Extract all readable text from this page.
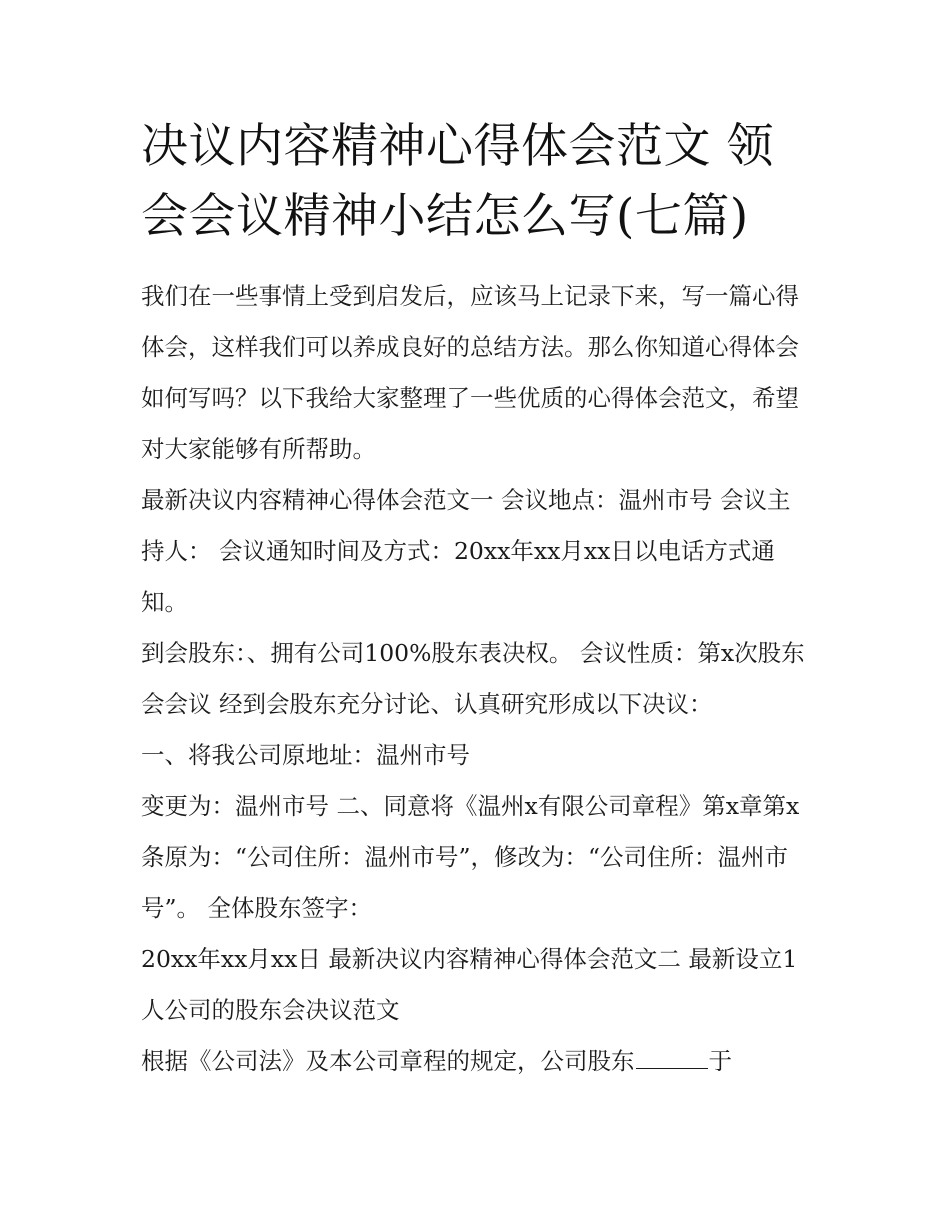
决议内容精神心得体会范文 领会会议精神小结怎么写(七篇)

我们在一些事情上受到启发后，应该马上记录下来，写一篇心得体会，这样我们可以养成良好的总结方法。那么你知道心得体会如何写吗？以下我给大家整理了一些优质的心得体会范文，希望对大家能够有所帮助。

最新决议内容精神心得体会范文一 会议地点：温州市号 会议主持人： 会议通知时间及方式：20xx年xx月xx日以电话方式通知。

到会股东：、拥有公司100%股东表决权。 会议性质：第x次股东会会议 经到会股东充分讨论、认真研究形成以下决议：

一、将我公司原地址：温州市号

变更为：温州市号 二、同意将《温州x有限公司章程》第x章第x条原为：“公司住所：温州市号”，修改为：“公司住所：温州市号”。 全体股东签字：

20xx年xx月xx日 最新决议内容精神心得体会范文二 最新设立1人公司的股东会决议范文

根据《公司法》及本公司章程的规定，公司股东	于
